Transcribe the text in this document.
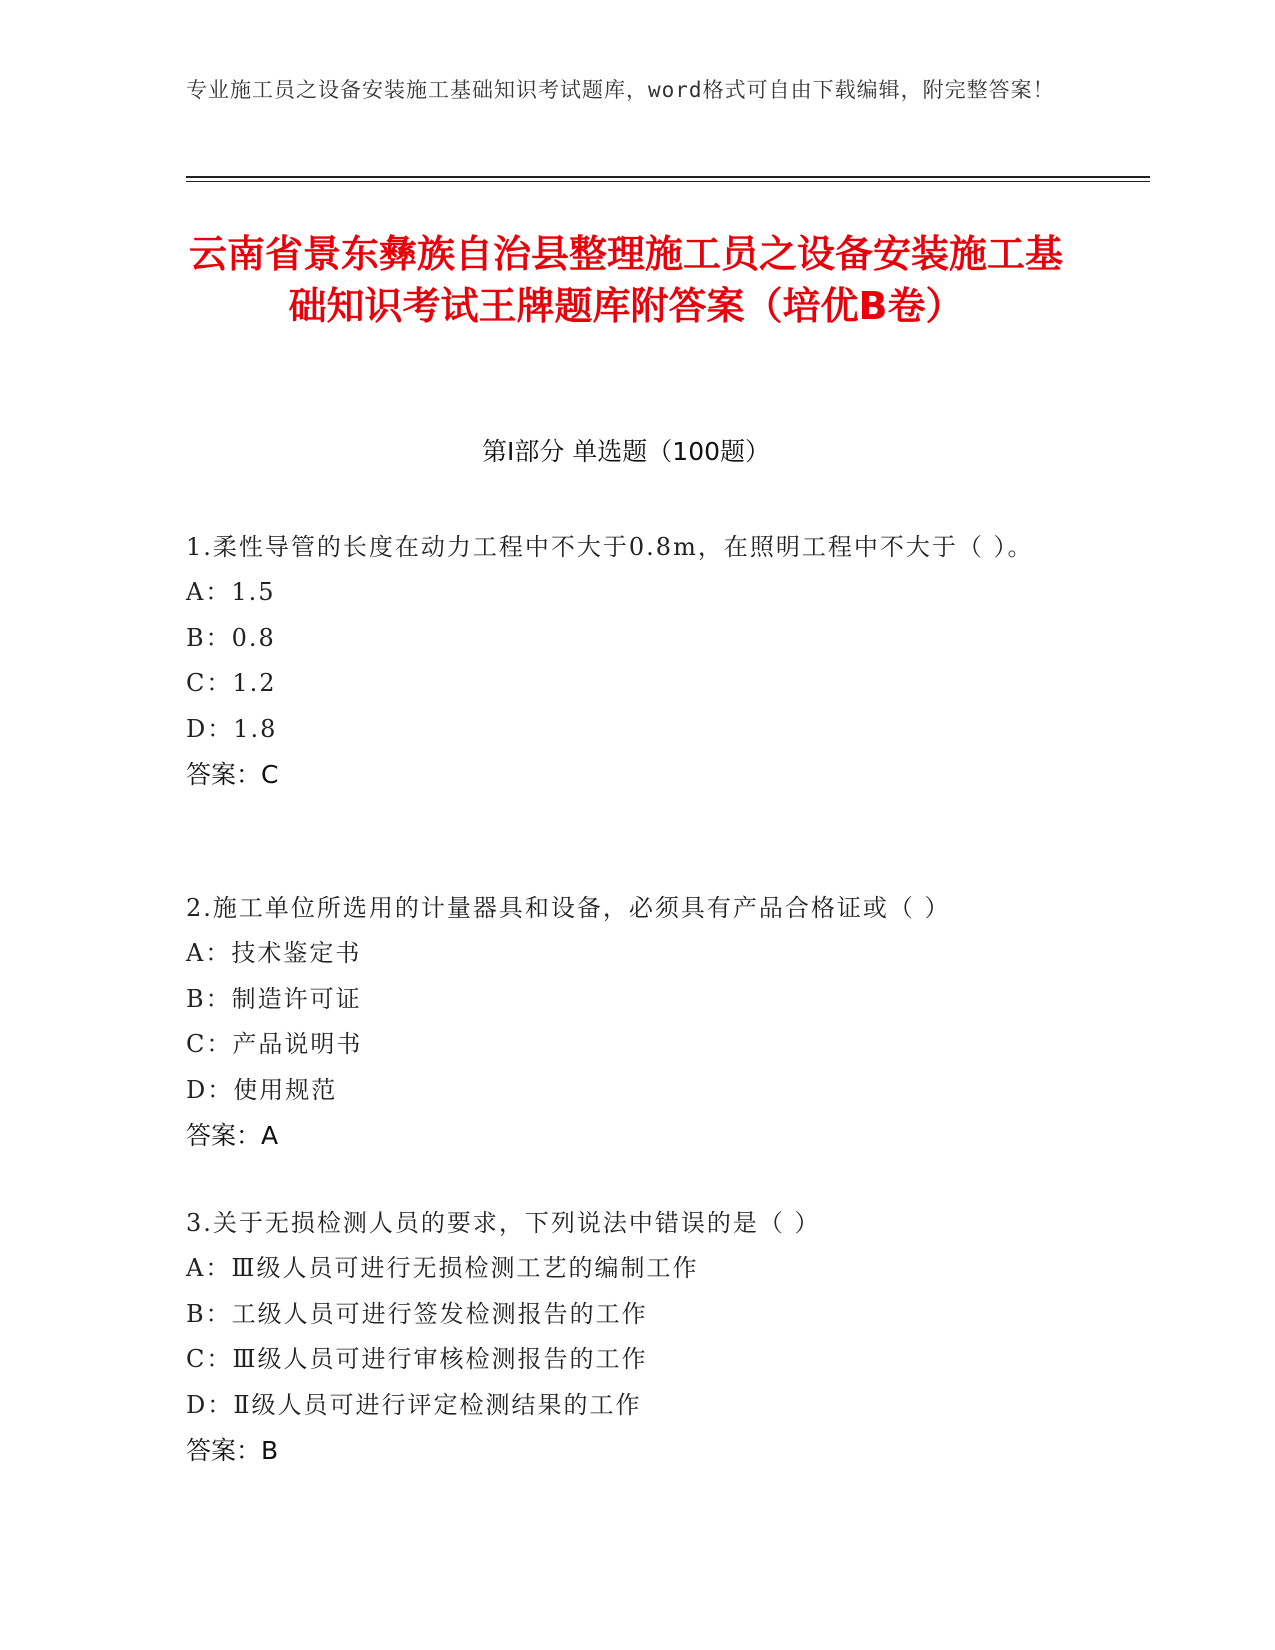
专业施工员之设备安装施工基础知识考试题库，word格式可自由下载编辑，附完整答案！
云南省景东彝族自治县整理施工员之设备安装施工基础知识考试王牌题库附答案（培优B卷）
第Ⅰ部分 单选题（100题）
1.柔性导管的长度在动力工程中不大于0.8m，在照明工程中不大于（ ）。
A：1.5
B：0.8
C：1.2
D：1.8
答案：C
2.施工单位所选用的计量器具和设备，必须具有产品合格证或（ ）
A：技术鉴定书
B：制造许可证
C：产品说明书
D：使用规范
答案：A
3.关于无损检测人员的要求，下列说法中错误的是（ ）
A：Ⅲ级人员可进行无损检测工艺的编制工作
B：工级人员可进行签发检测报告的工作
C：Ⅲ级人员可进行审核检测报告的工作
D：Ⅱ级人员可进行评定检测结果的工作
答案：B
